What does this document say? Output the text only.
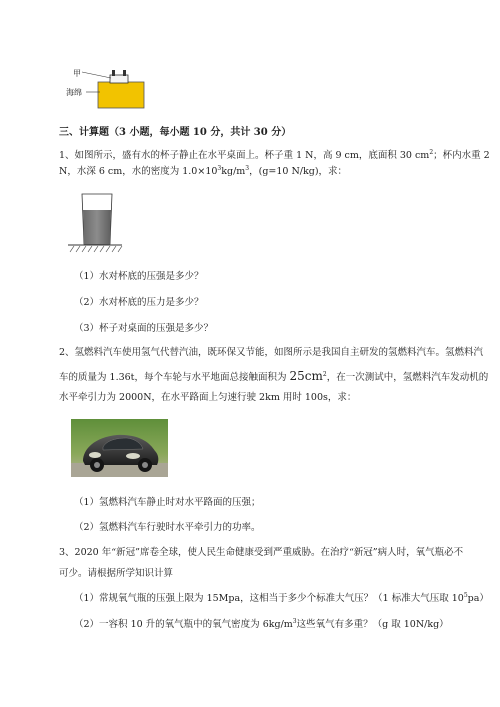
甲
海绵
三、计算题（3 小题，每小题 10 分，共计 30 分）
1、如图所示，盛有水的杯子静止在水平桌面上。杯子重 1 N，高 9 cm，底面积 30 $cm^2$；杯内水重 2
N，水深 6 cm，水的密度为 $1.0\times 10^3kg/m^3$，(g=10 N/kg)，求：
（1）水对杯底的压强是多少？
（2）水对杯底的压力是多少？
（3）杯子对桌面的压强是多少？
2、氢燃料汽车使用氢气代替汽油，既环保又节能，如图所示是我国自主研发的氢燃料汽车。氢燃料汽
车的质量为 1.36t，每个车轮与水平地面总接触面积为 $25cm^2$，在一次测试中，氢燃料汽车发动机的
水平牵引力为 2000N，在水平路面上匀速行驶 2km 用时 100s，求：
（1）氢燃料汽车静止时对水平路面的压强；
（2）氢燃料汽车行驶时水平牵引力的功率。
3、2020 年“新冠”席卷全球，使人民生命健康受到严重威胁。在治疗“新冠”病人时，氧气瓶必不
可少。请根据所学知识计算
（1）常规氧气瓶的压强上限为 15Mpa，这相当于多少个标准大气压？（1 标准大气压取 $10^5pa$）
（2）一容积 10 升的氧气瓶中的氧气密度为 $6kg/m^3$这些氧气有多重？（g 取 10N/kg）
